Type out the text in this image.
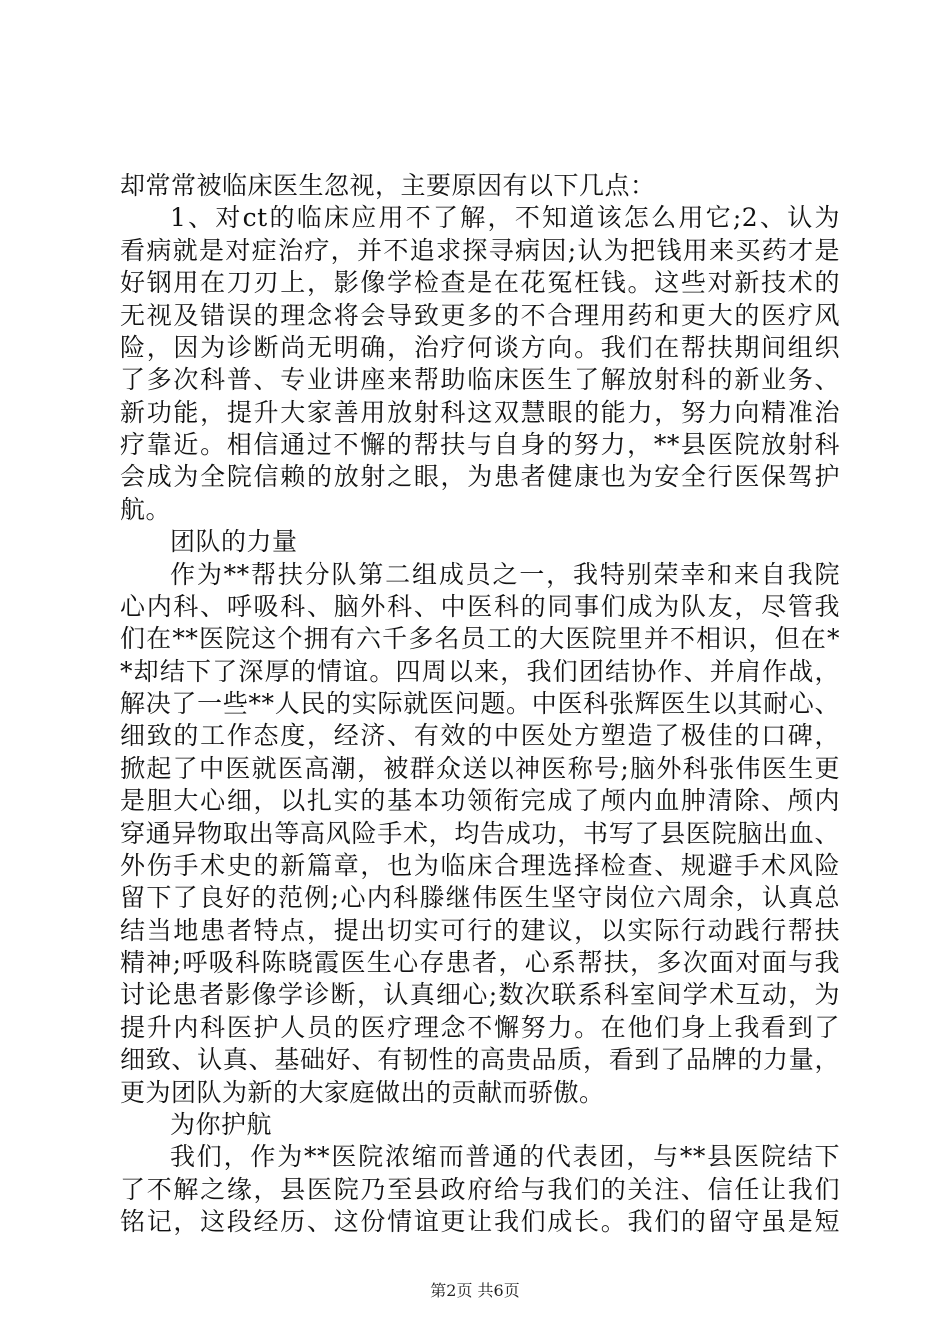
却常常被临床医生忽视，主要原因有以下几点：
1、对ct的临床应用不了解，不知道该怎么用它;2、认为
看病就是对症治疗，并不追求探寻病因;认为把钱用来买药才是
好钢用在刀刃上，影像学检查是在花冤枉钱。这些对新技术的
无视及错误的理念将会导致更多的不合理用药和更大的医疗风
险，因为诊断尚无明确，治疗何谈方向。我们在帮扶期间组织
了多次科普、专业讲座来帮助临床医生了解放射科的新业务、
新功能，提升大家善用放射科这双慧眼的能力，努力向精准治
疗靠近。相信通过不懈的帮扶与自身的努力，**县医院放射科
会成为全院信赖的放射之眼，为患者健康也为安全行医保驾护
航。
团队的力量
作为**帮扶分队第二组成员之一，我特别荣幸和来自我院
心内科、呼吸科、脑外科、中医科的同事们成为队友，尽管我
们在**医院这个拥有六千多名员工的大医院里并不相识，但在*
*却结下了深厚的情谊。四周以来，我们团结协作、并肩作战，
解决了一些**人民的实际就医问题。中医科张辉医生以其耐心、
细致的工作态度，经济、有效的中医处方塑造了极佳的口碑，
掀起了中医就医高潮，被群众送以神医称号;脑外科张伟医生更
是胆大心细，以扎实的基本功领衔完成了颅内血肿清除、颅内
穿通异物取出等高风险手术，均告成功，书写了县医院脑出血、
外伤手术史的新篇章，也为临床合理选择检查、规避手术风险
留下了良好的范例;心内科滕继伟医生坚守岗位六周余，认真总
结当地患者特点，提出切实可行的建议，以实际行动践行帮扶
精神;呼吸科陈晓霞医生心存患者，心系帮扶，多次面对面与我
讨论患者影像学诊断，认真细心;数次联系科室间学术互动，为
提升内科医护人员的医疗理念不懈努力。在他们身上我看到了
细致、认真、基础好、有韧性的高贵品质，看到了品牌的力量，
更为团队为新的大家庭做出的贡献而骄傲。
为你护航
我们，作为**医院浓缩而普通的代表团，与**县医院结下
了不解之缘，县医院乃至县政府给与我们的关注、信任让我们
铭记，这段经历、这份情谊更让我们成长。我们的留守虽是短
第2页 共6页
